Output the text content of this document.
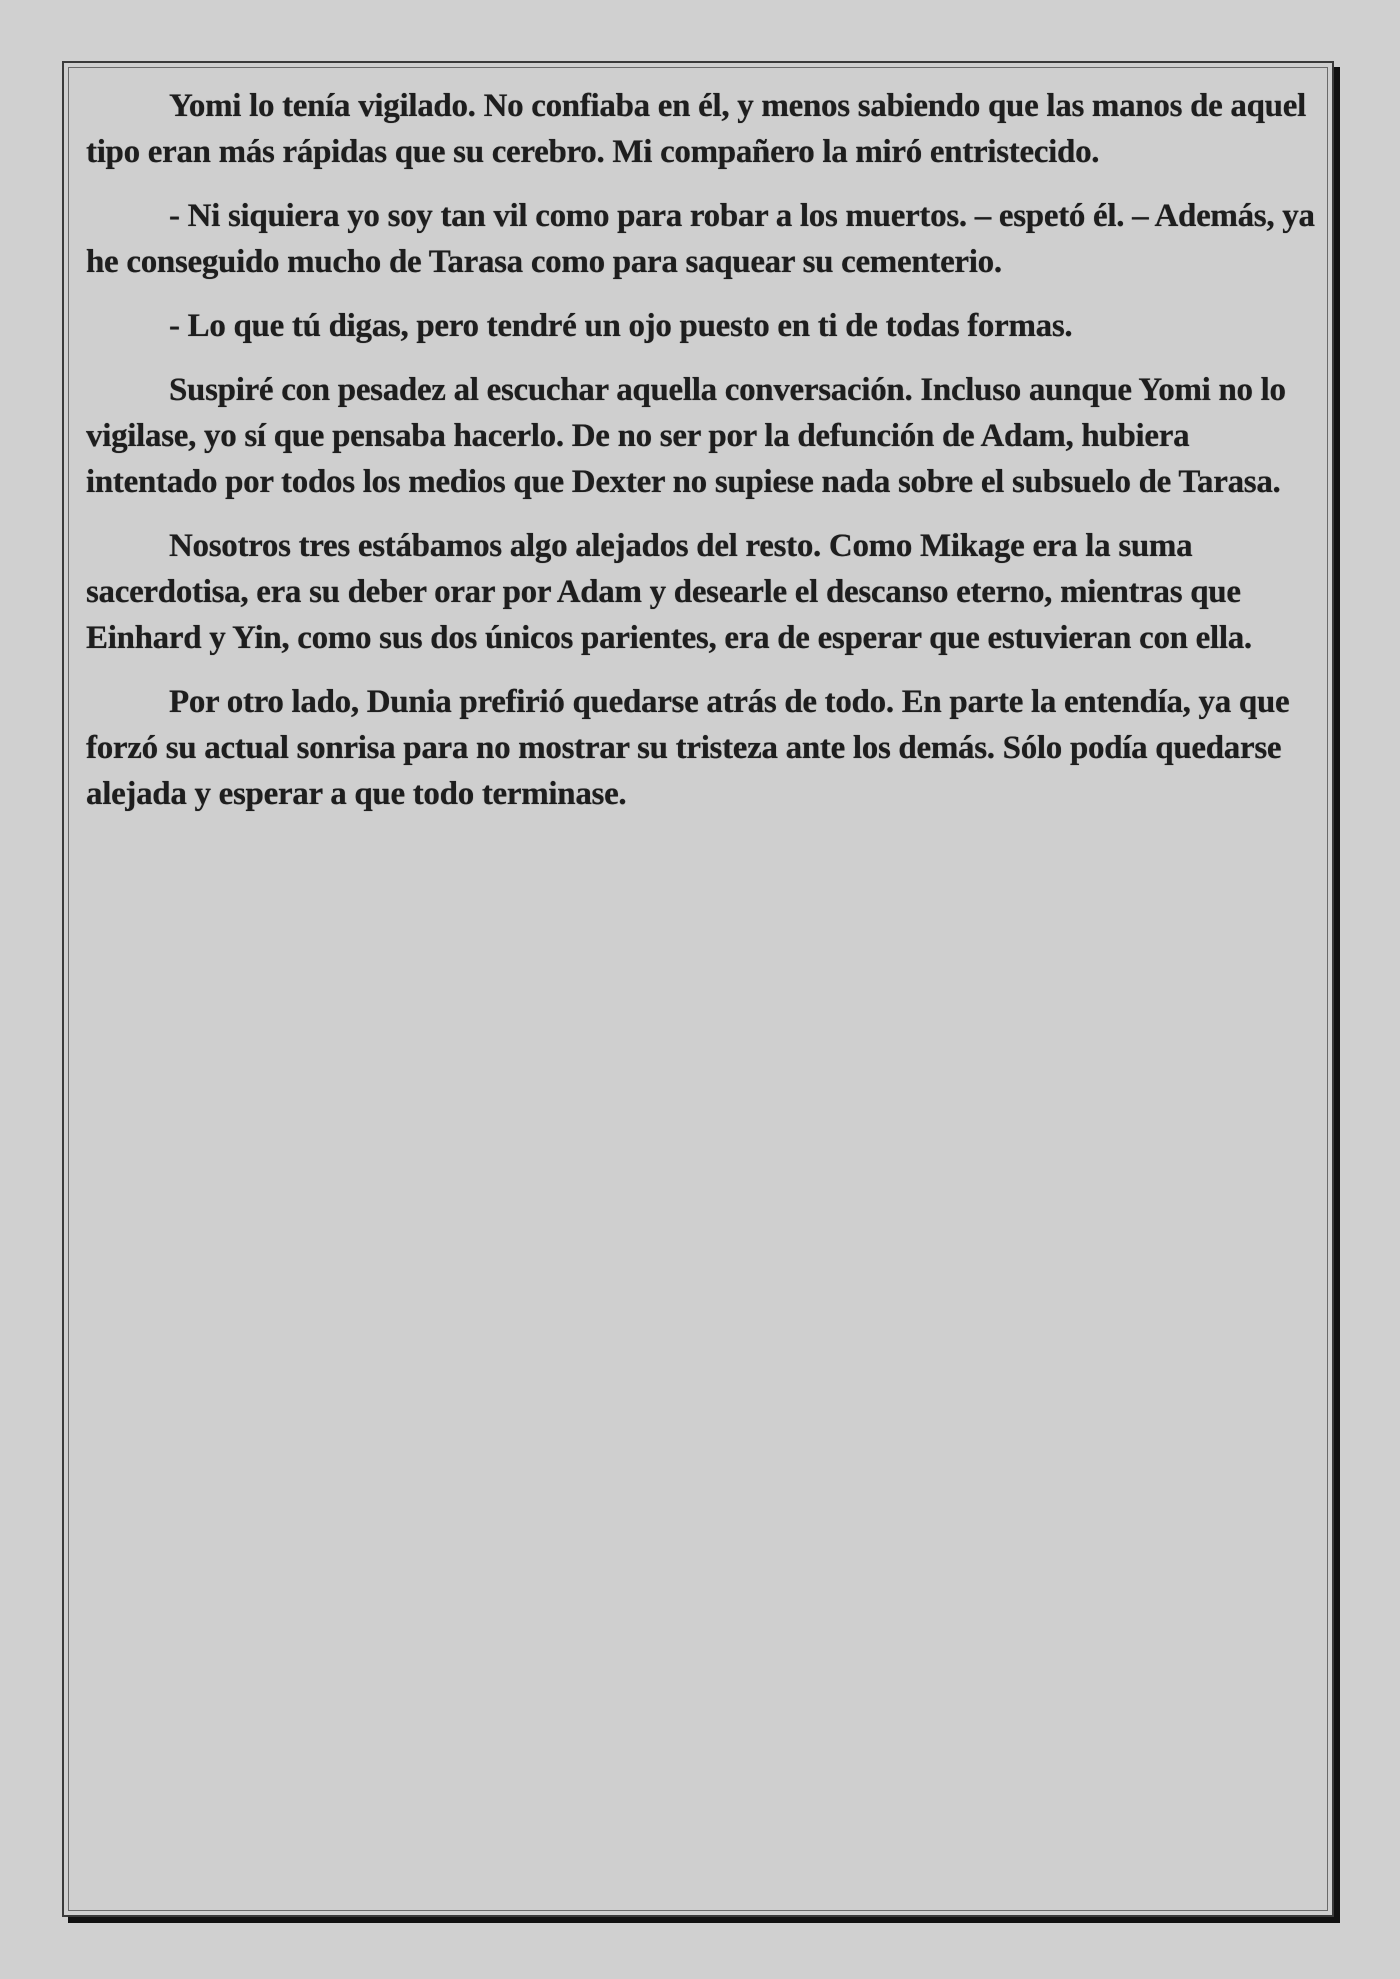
Yomi lo tenía vigilado. No confiaba en él, y menos sabiendo que las manos de aquel tipo eran más rápidas que su cerebro. Mi compañero la miró entristecido.

- Ni siquiera yo soy tan vil como para robar a los muertos. – espetó él. – Además, ya he conseguido mucho de Tarasa como para saquear su cementerio.

- Lo que tú digas, pero tendré un ojo puesto en ti de todas formas.

Suspiré con pesadez al escuchar aquella conversación. Incluso aunque Yomi no lo vigilase, yo sí que pensaba hacerlo. De no ser por la defunción de Adam, hubiera intentado por todos los medios que Dexter no supiese nada sobre el subsuelo de Tarasa.

Nosotros tres estábamos algo alejados del resto. Como Mikage era la suma sacerdotisa, era su deber orar por Adam y desearle el descanso eterno, mientras que Einhard y Yin, como sus dos únicos parientes, era de esperar que estuvieran con ella.

Por otro lado, Dunia prefirió quedarse atrás de todo. En parte la entendía, ya que forzó su actual sonrisa para no mostrar su tristeza ante los demás. Sólo podía quedarse alejada y esperar a que todo terminase.
